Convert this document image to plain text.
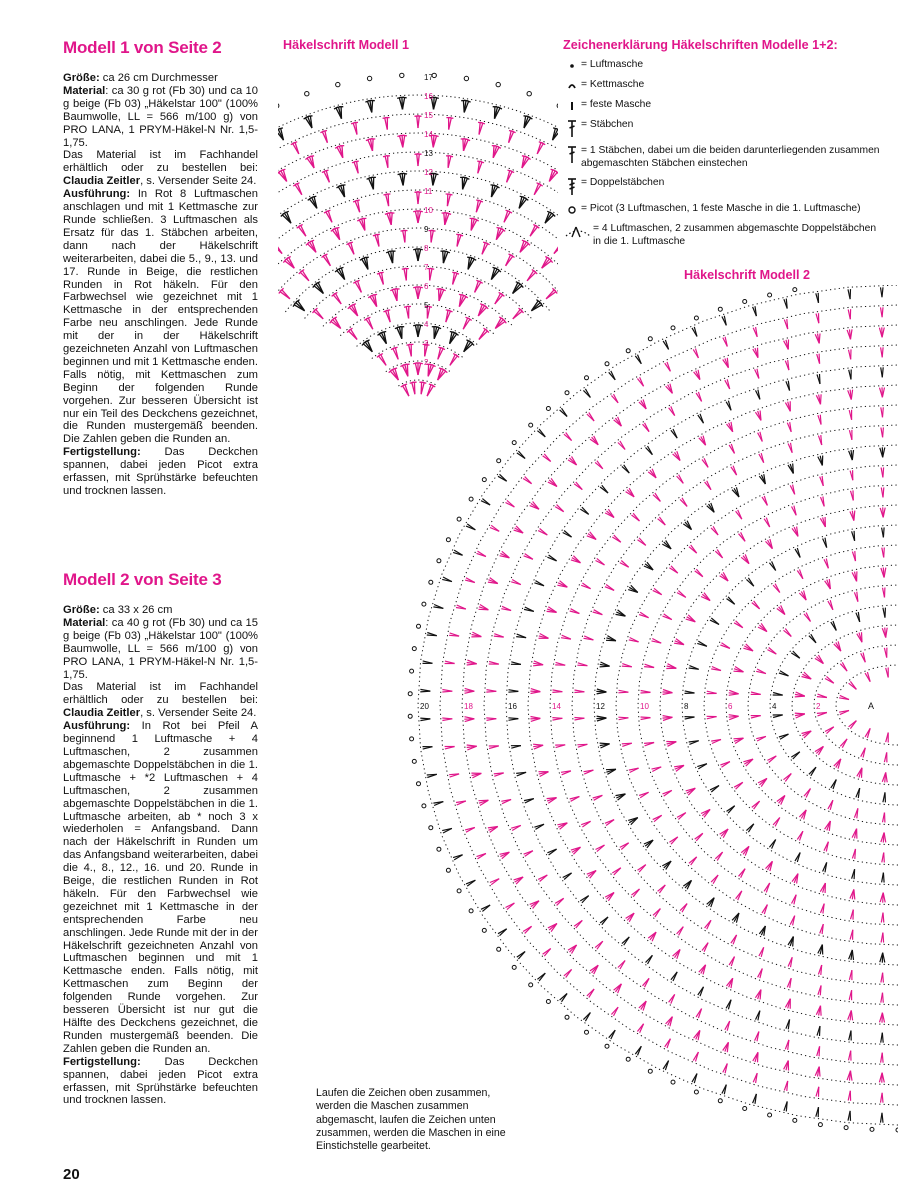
Modell 1 von Seite 2

Größe: ca 26 cm Durchmesser

Material: ca 30 g rot (Fb 30) und ca 10 g beige (Fb 03) „Häkelstar 100" (100% Baumwolle, LL = 566 m/100 g) von PRO LANA, 1 PRYM-Häkel-N Nr. 1,5-1,75.

Das Material ist im Fachhandel erhältlich oder zu bestellen bei: Claudia Zeitler, s. Versender Seite 24.

Ausführung: In Rot 8 Luftmaschen anschlagen und mit 1 Kettmasche zur Runde schließen. 3 Luftmaschen als Ersatz für das 1. Stäbchen arbeiten, dann nach der Häkelschrift weiterarbeiten, dabei die 5., 9., 13. und 17. Runde in Beige, die restlichen Runden in Rot häkeln. Für den Farbwechsel wie gezeichnet mit 1 Kettmasche in der entsprechenden Farbe neu anschlingen. Jede Runde mit der in der Häkelschrift gezeichneten Anzahl von Luftmaschen beginnen und mit 1 Kettmasche enden. Falls nötig, mit Kettmaschen zum Beginn der folgenden Runde vorgehen. Zur besseren Übersicht ist nur ein Teil des Deckchens gezeichnet, die Runden mustergemäß beenden. Die Zahlen geben die Runden an.

Fertigstellung: Das Deckchen spannen, dabei jeden Picot extra erfassen, mit Sprühstärke befeuchten und trocknen lassen.

Modell 2 von Seite 3

Größe: ca 33 x 26 cm

Material: ca 40 g rot (Fb 30) und ca 15 g beige (Fb 03) „Häkelstar 100" (100% Baumwolle, LL = 566 m/100 g) von PRO LANA, 1 PRYM-Häkel-N Nr. 1,5-1,75.

Das Material ist im Fachhandel erhältlich oder zu bestellen bei: Claudia Zeitler, s. Versender Seite 24.

Ausführung: In Rot bei Pfeil A beginnend 1 Luftmasche + 4 Luftmaschen, 2 zusammen abgemaschte Doppelstäbchen in die 1. Luftmasche + *2 Luftmaschen + 4 Luftmaschen, 2 zusammen abgemaschte Doppelstäbchen in die 1. Luftmasche arbeiten, ab * noch 3 x wiederholen = Anfangsband. Dann nach der Häkelschrift in Runden um das Anfangsband weiterarbeiten, dabei die 4., 8., 12., 16. und 20. Runde in Beige, die restlichen Runden in Rot häkeln. Für den Farbwechsel wie gezeichnet mit 1 Kettmasche in der entsprechenden Farbe neu anschlingen. Jede Runde mit der in der Häkelschrift gezeichneten Anzahl von Luftmaschen beginnen und mit 1 Kettmasche enden. Falls nötig, mit Kettmaschen zum Beginn der folgenden Runde vorgehen. Zur besseren Übersicht ist nur gut die Hälfte des Deckchens gezeichnet, die Runden mustergemäß beenden. Die Zahlen geben die Runden an.

Fertigstellung: Das Deckchen spannen, dabei jeden Picot extra erfassen, mit Sprühstärke befeuchten und trocknen lassen.

20
Häkelschrift Modell 1
Häkelschrift Modell 2
2
3
4
5
6
7
8
9
10
11
12
13
14
15
16
17
2
4
6
8
10
12
14
16
18
20	A
Zeichenerklärung Häkelschriften Modelle 1+2:
= Luftmasche
= Kettmasche
= feste Masche
= Stäbchen
= 1 Stäbchen, dabei um die beiden darunterliegenden zusammen abgemaschten Stäbchen einstechen
= Doppelstäbchen
= Picot (3 Luftmaschen, 1 feste Masche in die 1. Luftmasche)
= 4 Luftmaschen, 2 zusammen abgemaschte Doppelstäbchen in die 1. Luftmasche
Laufen die Zeichen oben zusammen, werden die Maschen zusammen abgemascht, laufen die Zeichen unten zusammen, werden die Maschen in eine Einstichstelle gearbeitet.
